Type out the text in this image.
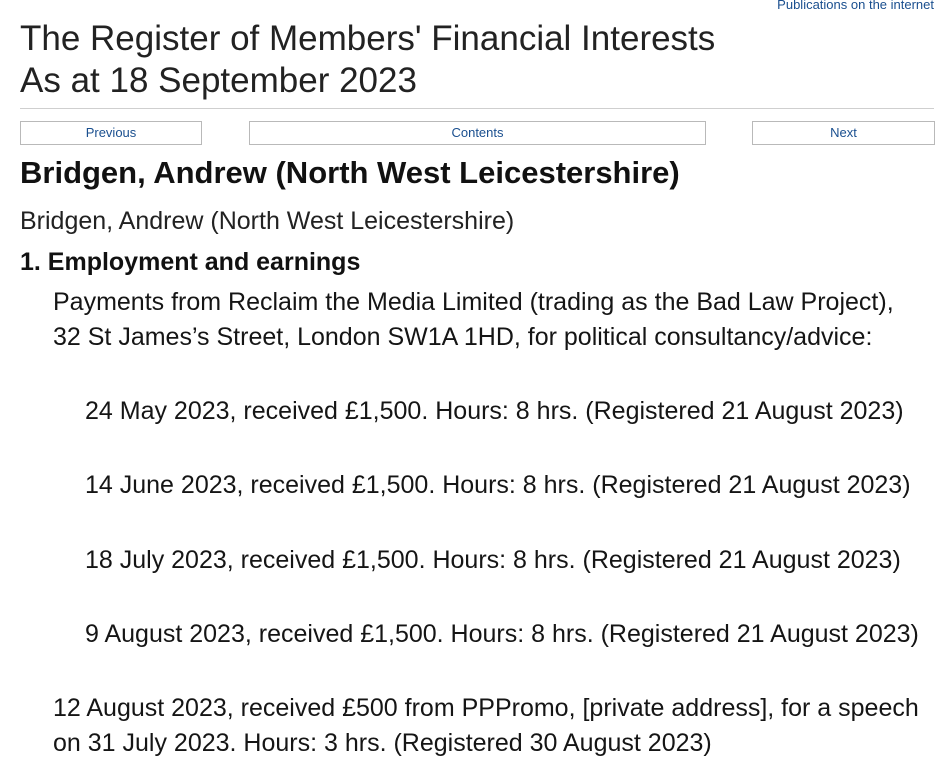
Publications on the internet
The Register of Members' Financial Interests
As at 18 September 2023
Previous	Contents	Next
Bridgen, Andrew (North West Leicestershire)
Bridgen, Andrew (North West Leicestershire)
1. Employment and earnings

Payments from Reclaim the Media Limited (trading as the Bad Law Project), 32 St James’s Street, London SW1A 1HD, for political consultancy/advice:

24 May 2023, received £1,500. Hours: 8 hrs. (Registered 21 August 2023)

14 June 2023, received £1,500. Hours: 8 hrs. (Registered 21 August 2023)

18 July 2023, received £1,500. Hours: 8 hrs. (Registered 21 August 2023)

9 August 2023, received £1,500. Hours: 8 hrs. (Registered 21 August 2023)

12 August 2023, received £500 from PPPromo, [private address], for a speech on 31 July 2023. Hours: 3 hrs. (Registered 30 August 2023)
